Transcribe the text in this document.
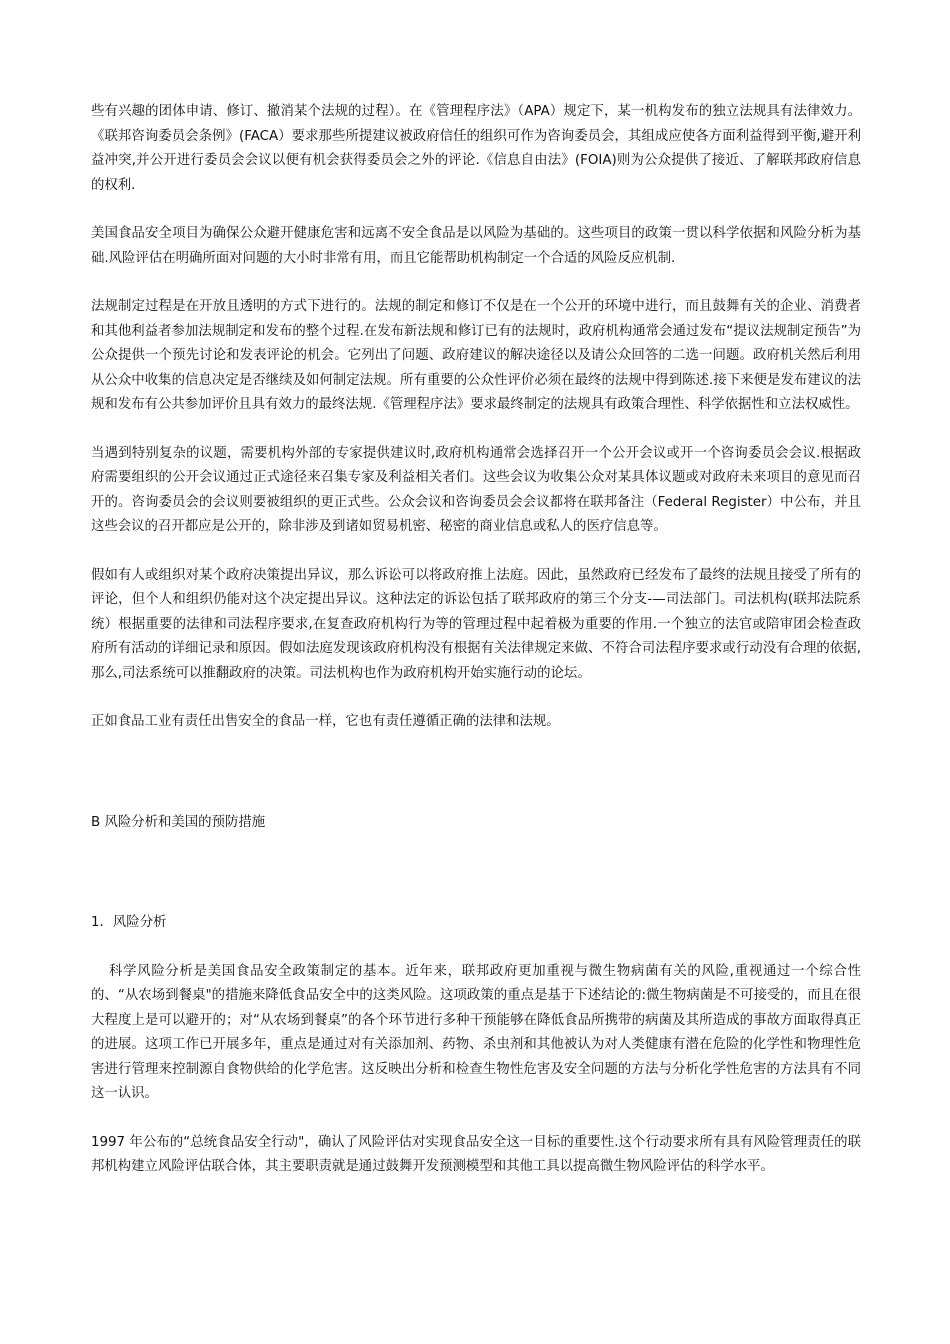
些有兴趣的团体申请、修订、撤消某个法规的过程）。在《管理程序法》（APA）规定下，某一机构发布的独立法规具有法律效力。《联邦咨询委员会条例》(FACA）要求那些所提建议被政府信任的组织可作为咨询委员会，其组成应使各方面利益得到平衡,避开利益冲突,并公开进行委员会会议以便有机会获得委员会之外的评论.《信息自由法》(FOIA)则为公众提供了接近、了解联邦政府信息的权利.

美国食品安全项目为确保公众避开健康危害和远离不安全食品是以风险为基础的。这些项目的政策一贯以科学依据和风险分析为基础.风险评估在明确所面对问题的大小时非常有用，而且它能帮助机构制定一个合适的风险反应机制.

法规制定过程是在开放且透明的方式下进行的。法规的制定和修订不仅是在一个公开的环境中进行，而且鼓舞有关的企业、消费者和其他利益者参加法规制定和发布的整个过程.在发布新法规和修订已有的法规时，政府机构通常会通过发布“提议法规制定预告”为公众提供一个预先讨论和发表评论的机会。它列出了问题、政府建议的解决途径以及请公众回答的二选一问题。政府机关然后利用从公众中收集的信息决定是否继续及如何制定法规。所有重要的公众性评价必须在最终的法规中得到陈述.接下来便是发布建议的法规和发布有公共参加评价且具有效力的最终法规.《管理程序法》要求最终制定的法规具有政策合理性、科学依据性和立法权威性。

当遇到特别复杂的议题，需要机构外部的专家提供建议时,政府机构通常会选择召开一个公开会议或开一个咨询委员会会议.根据政府需要组织的公开会议通过正式途径来召集专家及利益相关者们。这些会议为收集公众对某具体议题或对政府未来项目的意见而召开的。咨询委员会的会议则要被组织的更正式些。公众会议和咨询委员会会议都将在联邦备注（Federal Register）中公布，并且这些会议的召开都应是公开的，除非涉及到诸如贸易机密、秘密的商业信息或私人的医疗信息等。

假如有人或组织对某个政府决策提出异议，那么诉讼可以将政府推上法庭。因此，虽然政府已经发布了最终的法规且接受了所有的评论，但个人和组织仍能对这个决定提出异议。这种法定的诉讼包括了联邦政府的第三个分支-—司法部门。司法机构(联邦法院系统）根据重要的法律和司法程序要求,在复查政府机构行为等的管理过程中起着极为重要的作用.一个独立的法官或陪审团会检查政府所有活动的详细记录和原因。假如法庭发现该政府机构没有根据有关法律规定来做、不符合司法程序要求或行动没有合理的依据,那么,司法系统可以推翻政府的决策。司法机构也作为政府机构开始实施行动的论坛。

正如食品工业有责任出售安全的食品一样，它也有责任遵循正确的法律和法规。

B 风险分析和美国的预防措施

1．风险分析

科学风险分析是美国食品安全政策制定的基本。近年来，联邦政府更加重视与微生物病菌有关的风险,重视通过一个综合性的、“从农场到餐桌"的措施来降低食品安全中的这类风险。这项政策的重点是基于下述结论的:微生物病菌是不可接受的，而且在很大程度上是可以避开的；对“从农场到餐桌”的各个环节进行多种干预能够在降低食品所携带的病菌及其所造成的事故方面取得真正的进展。这项工作已开展多年，重点是通过对有关添加剂、药物、杀虫剂和其他被认为对人类健康有潜在危险的化学性和物理性危害进行管理来控制源自食物供给的化学危害。这反映出分析和检查生物性危害及安全问题的方法与分析化学性危害的方法具有不同这一认识。

1997 年公布的“总统食品安全行动"，确认了风险评估对实现食品安全这一目标的重要性.这个行动要求所有具有风险管理责任的联邦机构建立风险评估联合体，其主要职责就是通过鼓舞开发预测模型和其他工具以提高微生物风险评估的科学水平。
